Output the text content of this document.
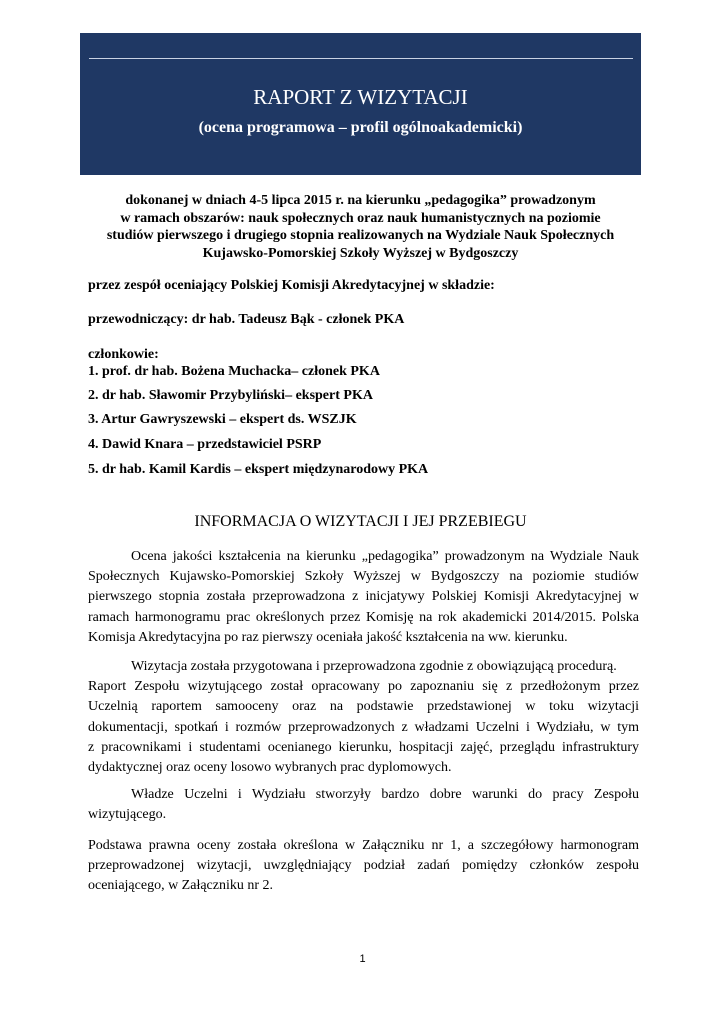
RAPORT Z WIZYTACJI
(ocena programowa – profil ogólnoakademicki)
dokonanej w dniach 4-5 lipca 2015 r. na kierunku „pedagogika” prowadzonym
w ramach obszarów: nauk społecznych oraz nauk humanistycznych na poziomie
studiów pierwszego i drugiego stopnia realizowanych na Wydziale Nauk Społecznych
Kujawsko-Pomorskiej Szkoły Wyższej w Bydgoszczy
przez zespół oceniający Polskiej Komisji Akredytacyjnej w składzie:
przewodniczący: dr hab. Tadeusz Bąk - członek PKA
członkowie:
1. prof. dr hab. Bożena Muchacka– członek PKA
2. dr hab. Sławomir Przybyliński– ekspert PKA
3. Artur Gawryszewski – ekspert ds. WSZJK
4. Dawid Knara – przedstawiciel PSRP
5. dr hab. Kamil Kardis – ekspert międzynarodowy PKA
INFORMACJA O WIZYTACJI I JEJ PRZEBIEGU
Ocena jakości kształcenia na kierunku „pedagogika” prowadzonym na Wydziale Nauk
Społecznych Kujawsko-Pomorskiej Szkoły Wyższej w Bydgoszczy na poziomie studiów
pierwszego stopnia została przeprowadzona z inicjatywy Polskiej Komisji Akredytacyjnej w
ramach harmonogramu prac określonych przez Komisję na rok akademicki 2014/2015. Polska
Komisja Akredytacyjna po raz pierwszy oceniała jakość kształcenia na ww. kierunku.
Wizytacja została przygotowana i przeprowadzona zgodnie z obowiązującą procedurą.
Raport Zespołu wizytującego został opracowany po zapoznaniu się z przedłożonym przez
Uczelnią raportem samooceny oraz na podstawie przedstawionej w toku wizytacji
dokumentacji, spotkań i rozmów przeprowadzonych z władzami Uczelni i Wydziału, w tym
z pracownikami i studentami ocenianego kierunku, hospitacji zajęć, przeglądu infrastruktury
dydaktycznej oraz oceny losowo wybranych prac dyplomowych.
Władze Uczelni i Wydziału stworzyły bardzo dobre warunki do pracy Zespołu
wizytującego.
Podstawa prawna oceny została określona w Załączniku nr 1, a szczegółowy harmonogram
przeprowadzonej wizytacji, uwzględniający podział zadań pomiędzy członków zespołu
oceniającego, w Załączniku nr 2.
1
